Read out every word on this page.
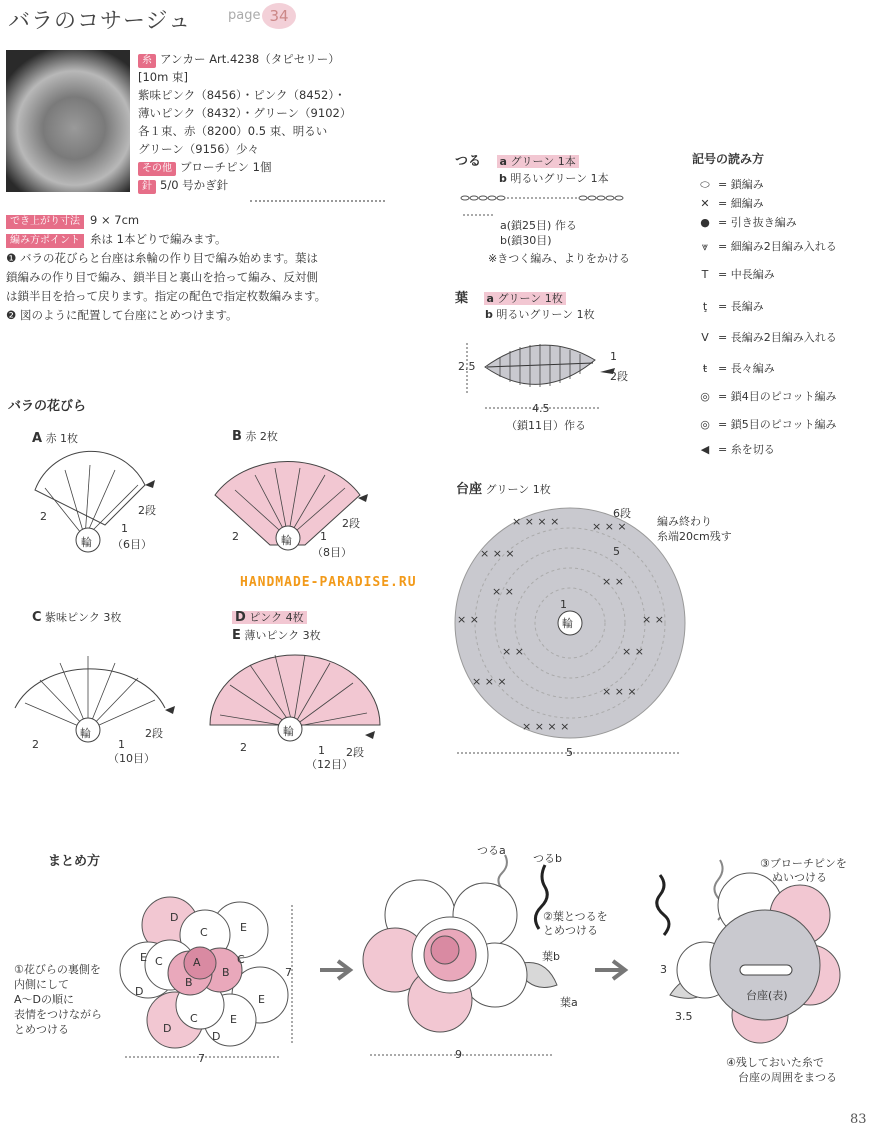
バラのコサージュ	page 34
糸 アンカー Art.4238（タピセリー）
[10m 束]
紫味ピンク（8456）・ピンク（8452）・
薄いピンク（8432）・グリーン（9102）
各１束、赤（8200）0.5 束、明るい
グリーン（9156）少々
その他 ブローチピン 1個
針 5/0 号かぎ針
でき上がり寸法 9 × 7cm
編み方ポイント 糸は 1本どりで編みます。
❶ バラの花びらと台座は糸輪の作り目で編み始めます。葉は
鎖編みの作り目で編み、鎖半目と裏山を拾って編み、反対側
は鎖半目を拾って戻ります。指定の配色で指定枚数編みます。
❷ 図のように配置して台座にとめつけます。
つる a グリーン 1本
b 明るいグリーン 1本
a(鎖25目) 作る
b(鎖30目)
※きつく編み、よりをかける
葉 a グリーン 1枚
b 明るいグリーン 1枚
2.5
1
2段
4.5
（鎖11目）作る
記号の読み方
⬭ = 鎖編み
✕ = 細編み
● = 引き抜き編み
⩔ = 細編み2目編み入れる
T = 中長編み
ţ = 長編み
V = 長編み2目編み入れる
ŧ = 長々編み
◎ = 鎖4目のピコット編み
◎ = 鎖5目のピコット編み
◀ = 糸を切る
バラの花びら
A 赤 1枚	B 赤 2枚
C 紫味ピンク 3枚	D ピンク 4枚
E 薄いピンク 3枚
輪
2段
1
（6目）
2
輪
2段
1
（8目）
2
輪	2段
1
（10目）
2
輪
2段
1
（12目）
2
HANDMADE-PARADISE.RU
台座 グリーン 1枚
× × × ×
× × ×
× × ×
× ×	× ×
× × ×
× × ×
× × × ×
× ×
× ×
× ×
× ×
輪
6段
5
1
編み終わり
糸端20cm残す
5
まとめ方
①花びらの裏側を
内側にして
A～Dの順に
表情をつけながら
とめつける
D
E
C
C	A
B
B
C
E
D
E
D
C	E
D
7
7
つるa
つるb
②葉とつるを
とめつける
葉b
葉a
9
③ブローチピンを
ぬいつける
3
3.5
台座(表)
④残しておいた糸で
台座の周囲をまつる
83
